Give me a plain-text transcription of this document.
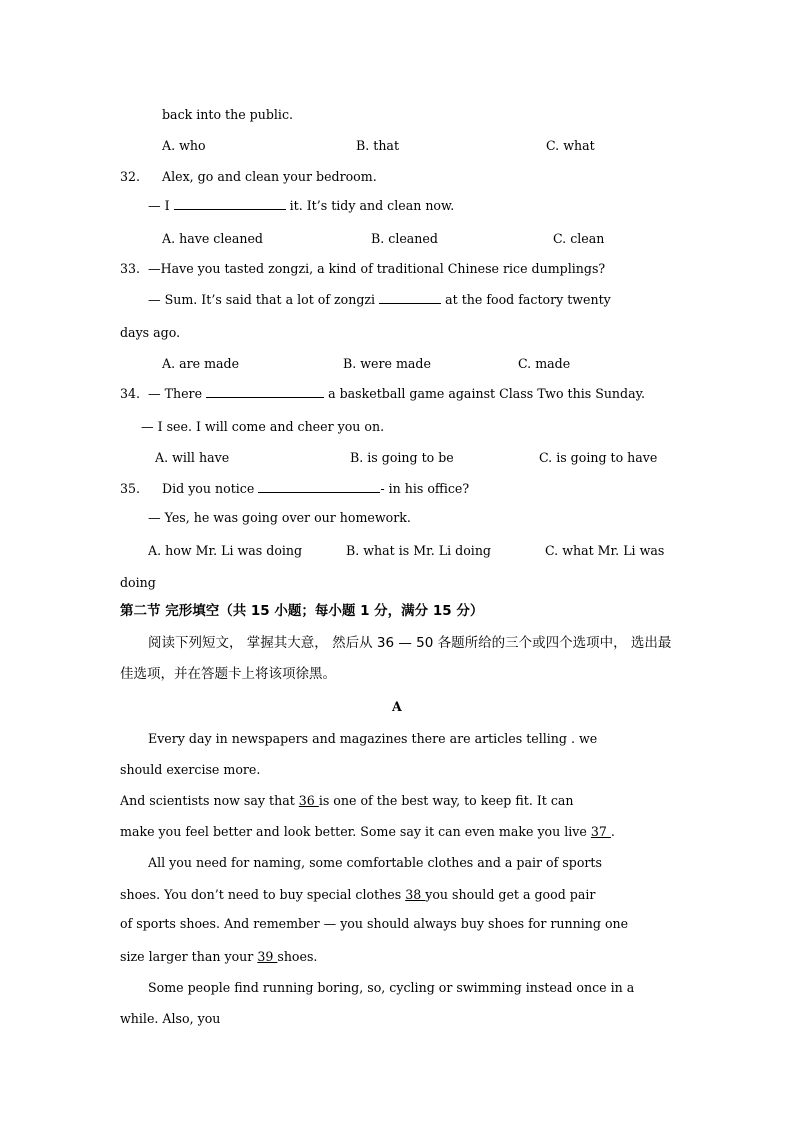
back into the public.
A. who	B. that	C. what
32. Alex, go and clean your bedroom.
— I	it. It’s tidy and clean now.
A. have cleaned	B. cleaned	C. clean
33. —Have you tasted zongzi, a kind of traditional Chinese rice dumplings?
— Sum. It’s said that a lot of zongzi	at the food factory twenty
days ago.
A. are made	B. were made	C. made
34. — There	a basketball game against Class Two this Sunday.
— I see. I will come and cheer you on.
A. will have	B. is going to be	C. is going to have
35. Did you notice	- in his office?
— Yes, he was going over our homework.
A. how Mr. Li was doing	B. what is Mr. Li doing	C. what Mr. Li was
doing
第二节 完形填空（共 15 小题；每小题 1 分，满分 15 分）
阅读下列短文， 掌握其大意， 然后从 36 — 50 各题所给的三个或四个选项中， 选出最
佳选项，并在答题卡上将该项徐黑。
A
Every day in newspapers and magazines there are articles telling . we
should exercise more.
And scientists now say that 36 is one of the best way, to keep fit. It can
make you feel better and look better. Some say it can even make you live 37 .
All you need for naming, some comfortable clothes and a pair of sports
shoes. You don’t need to buy special clothes 38 you should get a good pair
of sports shoes. And remember — you should always buy shoes for running one
size larger than your 39 shoes.
Some people find running boring, so, cycling or swimming instead once in a
while. Also, you
